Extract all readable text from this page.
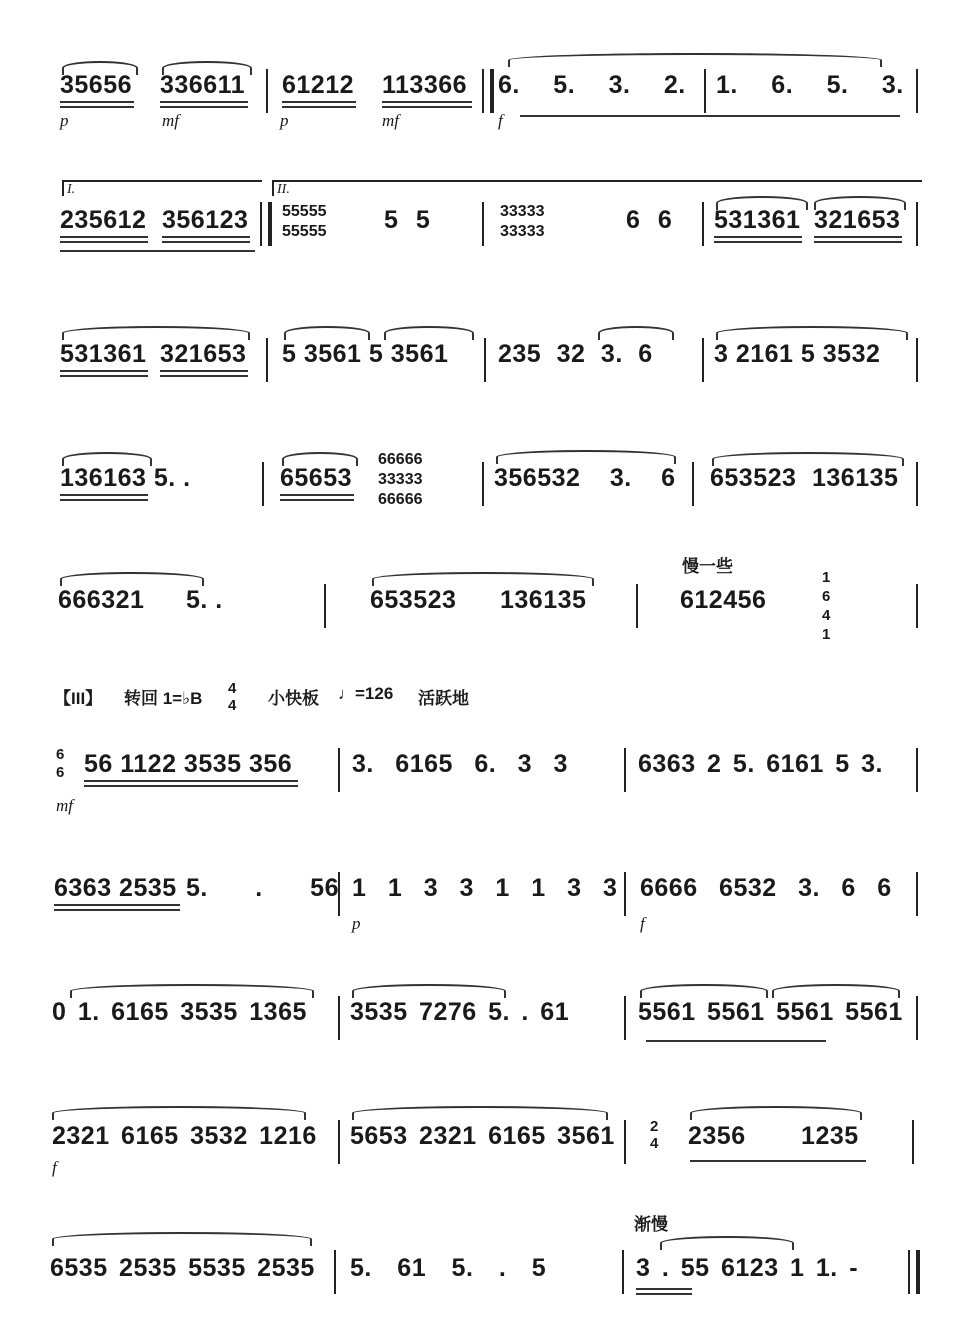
35656 336611 61212 113366 6. 5. 3. 2. 1. 6. 5. 3.
p	mf	p	mf	f
I.	II.
235612 356123 55555
55555 5 5	33333
33333	6 6 531361 321653
531361 321653 5 3561 5 3561 235 32 3. 6 3 2161 5 3532
136163 5. .	65653
66666
33333
66666
356532 3. 6 653523 136135
慢一些
666321 5. .	653523 136135	612456
1
6
4
1
【III】 转回 1=♭B
4
4 小快板 ♩=126 活跃地
6
6 56 1122 3535 356
mf
3. 6165 6. 3 3	6363 2 5. 6161 5 3.
6363 2535 5. . 56 1 1 3 3 1 1 3 3
p
6666 6532 3. 6 6
f
0 1. 6165 3535 1365 3535 7276 5. . 61	5561 5561 5561 5561
2321 6165 3532 1216
f
5653 2321 6165 3561 2
4 2356 1235
渐慢
6535 2535 5535 2535 5. 61 5. . 5	3 . 55 6123 1 1. -
